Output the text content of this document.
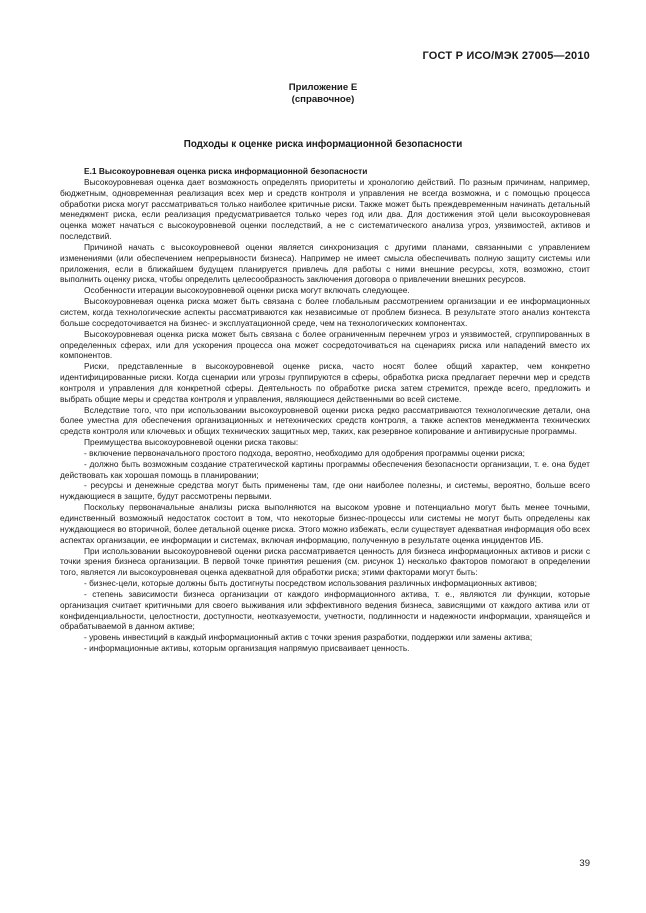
ГОСТ Р ИСО/МЭК 27005—2010
Приложение Е
(справочное)
Подходы к оценке риска информационной безопасности

Е.1 Высокоуровневая оценка риска информационной безопасности

Высокоуровневая оценка дает возможность определять приоритеты и хронологию действий. По разным причинам, например, бюджетным, одновременная реализация всех мер и средств контроля и управления не всегда возможна, и с помощью процесса обработки риска могут рассматриваться только наиболее критичные риски. Также может быть преждевременным начинать детальный менеджмент риска, если реализация предусматривается только через год или два. Для достижения этой цели высокоуровневая оценка может начаться с высокоуровневой оценки последствий, а не с систематического анализа угроз, уязвимостей, активов и последствий.

Причиной начать с высокоуровневой оценки является синхронизация с другими планами, связанными с управлением изменениями (или обеспечением непрерывности бизнеса). Например не имеет смысла обеспечивать полную защиту системы или приложения, если в ближайшем будущем планируется привлечь для работы с ними внешние ресурсы, хотя, возможно, стоит выполнить оценку риска, чтобы определить целесообразность заключения договора о привлечении внешних ресурсов.

Особенности итерации высокоуровневой оценки риска могут включать следующее.

Высокоуровневая оценка риска может быть связана с более глобальным рассмотрением организации и ее информационных систем, когда технологические аспекты рассматриваются как независимые от проблем бизнеса. В результате этого анализ контекста больше сосредоточивается на бизнес- и эксплуатационной среде, чем на технологических компонентах.

Высокоуровневая оценка риска может быть связана с более ограниченным перечнем угроз и уязвимостей, сгруппированных в определенных сферах, или для ускорения процесса она может сосредоточиваться на сценариях риска или нападений вместо их компонентов.

Риски, представленные в высокоуровневой оценке риска, часто носят более общий характер, чем конкретно идентифицированные риски. Когда сценарии или угрозы группируются в сферы, обработка риска предлагает перечни мер и средств контроля и управления для конкретной сферы. Деятельность по обработке риска затем стремится, прежде всего, предложить и выбрать общие меры и средства контроля и управления, являющиеся действенными во всей системе.

Вследствие того, что при использовании высокоуровневой оценки риска редко рассматриваются технологические детали, она более уместна для обеспечения организационных и нетехнических средств контроля, а также аспектов менеджмента технических средств контроля или ключевых и общих технических защитных мер, таких, как резервное копирование и антивирусные программы.

Преимущества высокоуровневой оценки риска таковы:

- включение первоначального простого подхода, вероятно, необходимо для одобрения программы оценки риска;

- должно быть возможным создание стратегической картины программы обеспечения безопасности организации, т. е. она будет действовать как хорошая помощь в планировании;

- ресурсы и денежные средства могут быть применены там, где они наиболее полезны, и системы, вероятно, больше всего нуждающиеся в защите, будут рассмотрены первыми.

Поскольку первоначальные анализы риска выполняются на высоком уровне и потенциально могут быть менее точными, единственный возможный недостаток состоит в том, что некоторые бизнес-процессы или системы не могут быть определены как нуждающиеся во вторичной, более детальной оценке риска. Этого можно избежать, если существует адекватная информация обо всех аспектах организации, ее информации и системах, включая информацию, полученную в результате оценка инцидентов ИБ.

При использовании высокоуровневой оценки риска рассматривается ценность для бизнеса информационных активов и риски с точки зрения бизнеса организации. В первой точке принятия решения (см. рисунок 1) несколько факторов помогают в определении того, является ли высокоуровневая оценка адекватной для обработки риска; этими факторами могут быть:

- бизнес-цели, которые должны быть достигнуты посредством использования различных информационных активов;

- степень зависимости бизнеса организации от каждого информационного актива, т. е., являются ли функции, которые организация считает критичными для своего выживания или эффективного ведения бизнеса, зависящими от каждого актива или от конфиденциальности, целостности, доступности, неотказуемости, учетности, подлинности и надежности информации, хранящейся и обрабатываемой в данном активе;

- уровень инвестиций в каждый информационный актив с точки зрения разработки, поддержки или замены актива;

- информационные активы, которым организация напрямую присваивает ценность.

39
